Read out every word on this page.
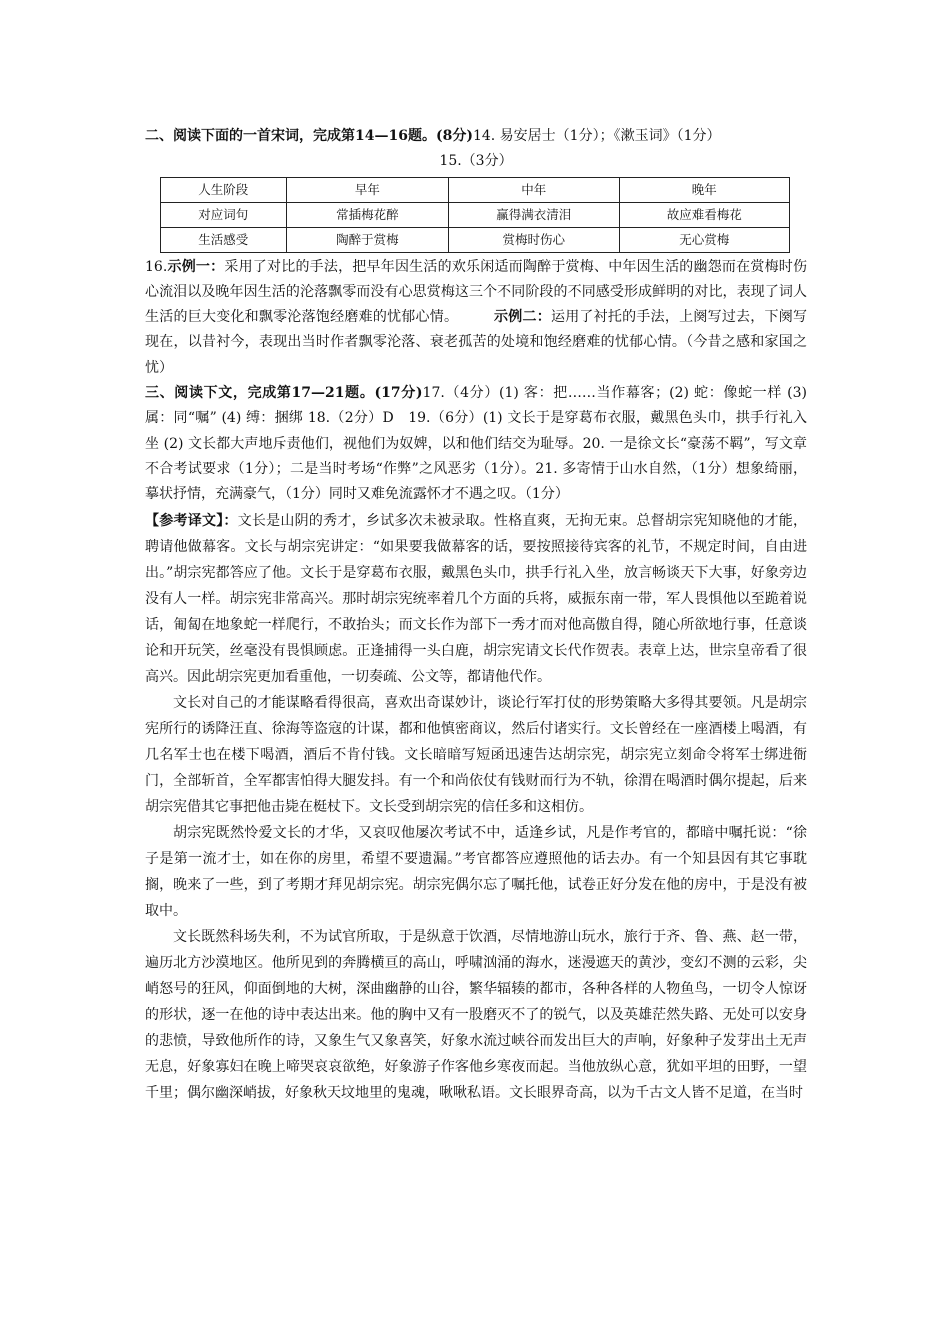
二、阅读下面的一首宋词，完成第14—16题。(8分)14. 易安居士（1分）；《漱玉词》（1分）

15.（3分）

人生阶段	早年	中年	晚年
对应词句	常插梅花醉	赢得满衣清泪	故应难看梅花
生活感受	陶醉于赏梅	赏梅时伤心	无心赏梅

16.示例一：采用了对比的手法，把早年因生活的欢乐闲适而陶醉于赏梅、中年因生活的幽怨而在赏梅时伤心流泪以及晚年因生活的沦落飘零而没有心思赏梅这三个不同阶段的不同感受形成鲜明的对比，表现了词人生活的巨大变化和飘零沦落饱经磨难的忧郁心情。　　　	示例二：运用了衬托的手法，上阕写过去，下阕写现在，以昔衬今，表现出当时作者飘零沦落、衰老孤苦的处境和饱经磨难的忧郁心情。（今昔之感和家国之忧）

三、阅读下文，完成第17—21题。(17分)17.（4分）(1) 客：把……当作幕客；(2) 蛇：像蛇一样 (3) 属：同“嘱” (4) 缚：捆绑 18.（2分）D　19.（6分）(1) 文长于是穿葛布衣服，戴黑色头巾，拱手行礼入坐 (2) 文长都大声地斥责他们，视他们为奴婢，以和他们结交为耻辱。20. 一是徐文长“豪荡不羁”，写文章不合考试要求（1分）；二是当时考场“作弊”之风恶劣（1分）。21. 多寄情于山水自然，（1分）想象绮丽，摹状抒情，充满豪气，（1分）同时又难免流露怀才不遇之叹。（1分）

【参考译文】：文长是山阴的秀才，乡试多次未被录取。性格直爽，无拘无束。总督胡宗宪知晓他的才能，聘请他做幕客。文长与胡宗宪讲定：“如果要我做幕客的话，要按照接待宾客的礼节，不规定时间，自由进出。”胡宗宪都答应了他。文长于是穿葛布衣服，戴黑色头巾，拱手行礼入坐，放言畅谈天下大事，好象旁边没有人一样。胡宗宪非常高兴。那时胡宗宪统率着几个方面的兵将，威振东南一带，军人畏惧他以至跪着说话，匍匐在地象蛇一样爬行，不敢抬头；而文长作为部下一秀才而对他高傲自得，随心所欲地行事，任意谈论和开玩笑，丝毫没有畏惧顾虑。正逢捕得一头白鹿，胡宗宪请文长代作贺表。表章上达，世宗皇帝看了很高兴。因此胡宗宪更加看重他，一切奏疏、公文等，都请他代作。

文长对自己的才能谋略看得很高，喜欢出奇谋妙计，谈论行军打仗的形势策略大多得其要领。凡是胡宗宪所行的诱降汪直、徐海等盗寇的计谋，都和他慎密商议，然后付诸实行。文长曾经在一座酒楼上喝酒，有几名军士也在楼下喝酒，酒后不肯付钱。文长暗暗写短函迅速告达胡宗宪，胡宗宪立刻命令将军士绑进衙门，全部斩首，全军都害怕得大腿发抖。有一个和尚依仗有钱财而行为不轨，徐渭在喝酒时偶尔提起，后来胡宗宪借其它事把他击毙在梃杖下。文长受到胡宗宪的信任多和这相仿。

胡宗宪既然怜爱文长的才华，又哀叹他屡次考试不中，适逢乡试，凡是作考官的，都暗中嘱托说：“徐子是第一流才士，如在你的房里，希望不要遗漏。”考官都答应遵照他的话去办。有一个知县因有其它事耽搁，晚来了一些，到了考期才拜见胡宗宪。胡宗宪偶尔忘了嘱托他，试卷正好分发在他的房中，于是没有被取中。

文长既然科场失利，不为试官所取，于是纵意于饮酒，尽情地游山玩水，旅行于齐、鲁、燕、赵一带，遍历北方沙漠地区。他所见到的奔腾横亘的高山，呼啸汹涌的海水，迷漫遮天的黄沙，变幻不测的云彩，尖峭怒号的狂风，仰面倒地的大树，深曲幽静的山谷，繁华辐辏的都市，各种各样的人物鱼鸟，一切令人惊讶的形状，逐一在他的诗中表达出来。他的胸中又有一股磨灭不了的锐气，以及英雄茫然失路、无处可以安身的悲愤，导致他所作的诗，又象生气又象喜笑，好象水流过峡谷而发出巨大的声响，好象种子发芽出土无声无息，好象寡妇在晚上啼哭哀哀欲绝，好象游子作客他乡寒夜而起。当他放纵心意，犹如平坦的田野，一望千里；偶尔幽深峭拔，好象秋天坟地里的鬼魂，啾啾私语。文长眼界奇高，以为千古文人皆不足道，在当时
